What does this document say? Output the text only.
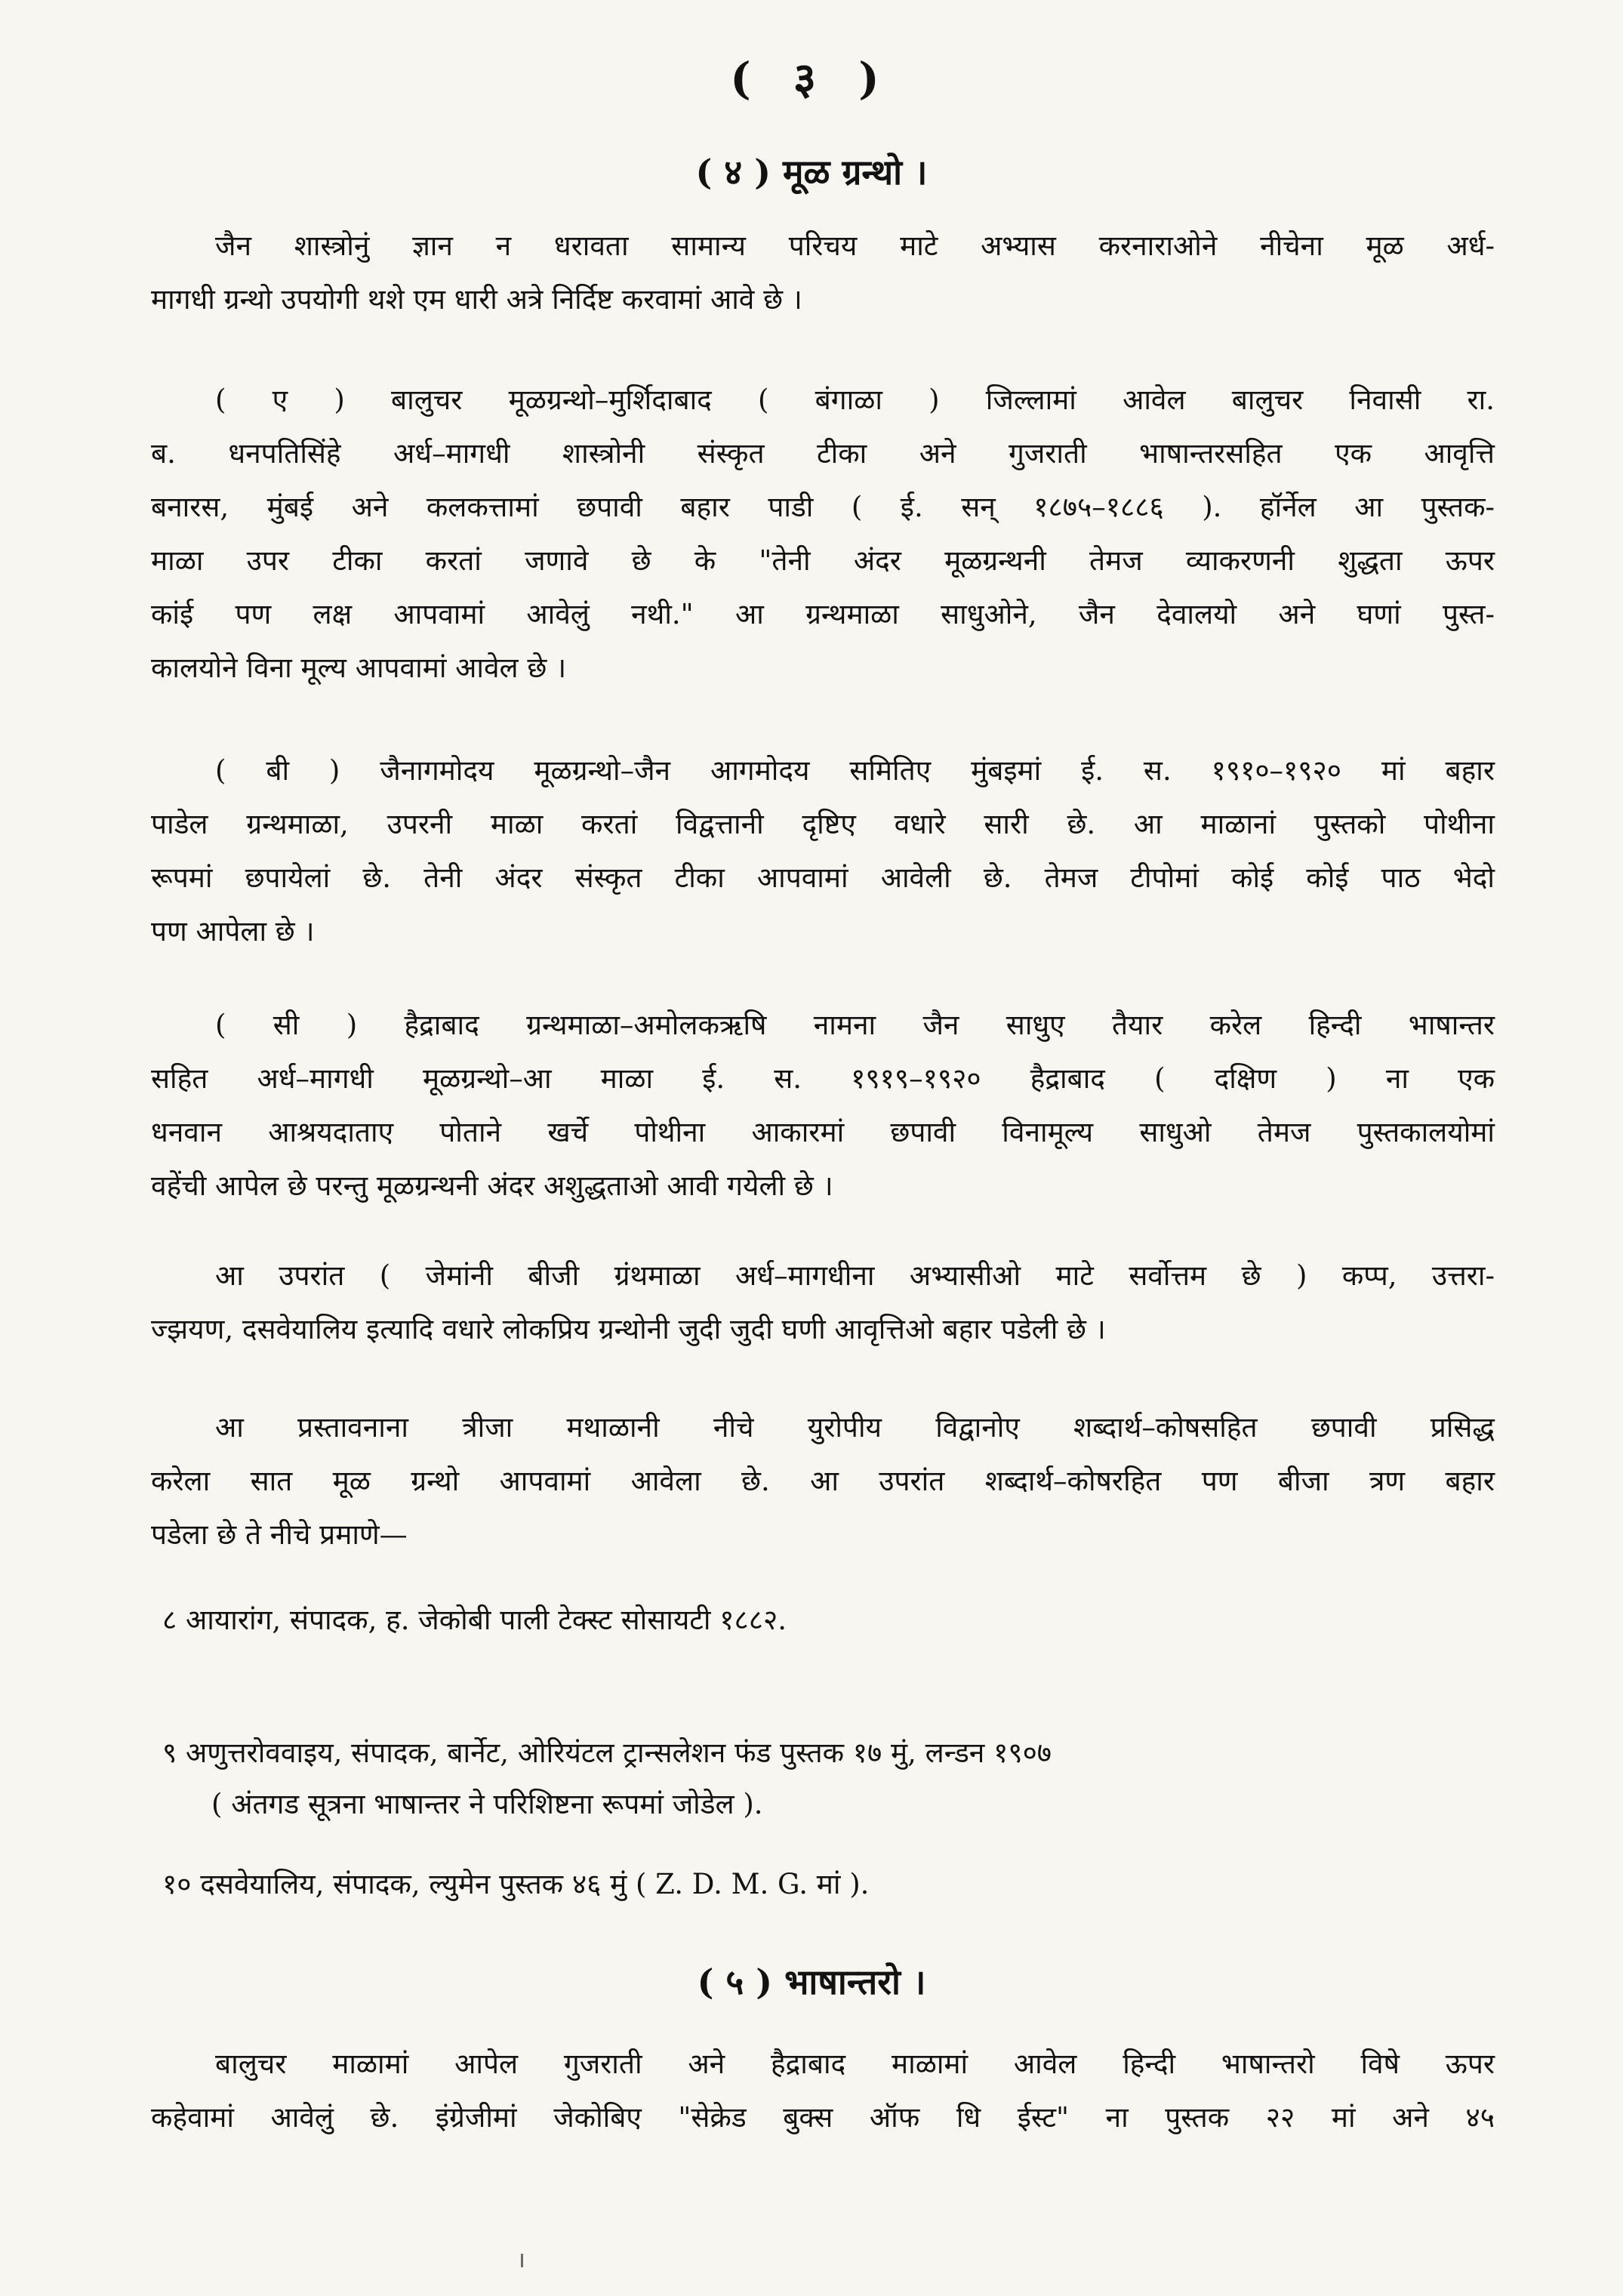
( ३ )
( ४ ) मूळ ग्रन्थो ।
जैन शास्त्रोनुं ज्ञान न धरावता सामान्य परिचय माटे अभ्यास करनाराओने नीचेना मूळ अर्ध-
मागधी ग्रन्थो उपयोगी थशे एम धारी अत्रे निर्दिष्ट करवामां आवे छे ।
( ए ) बालुचर मूळग्रन्थो–मुर्शिदाबाद ( बंगाळा ) जिल्लामां आवेल बालुचर निवासी रा.
ब. धनपतिसिंहे अर्ध–मागधी शास्त्रोनी संस्कृत टीका अने गुजराती भाषान्तरसहित एक आवृत्ति
बनारस, मुंबई अने कलकत्तामां छपावी बहार पाडी ( ई. सन् १८७५–१८८६ ). हॉर्नेल आ पुस्तक-
माळा उपर टीका करतां जणावे छे के "तेनी अंदर मूळग्रन्थनी तेमज व्याकरणनी शुद्धता ऊपर
कांई पण लक्ष आपवामां आवेलुं नथी." आ ग्रन्थमाळा साधुओने, जैन देवालयो अने घणां पुस्त-
कालयोने विना मूल्य आपवामां आवेल छे ।
( बी ) जैनागमोदय मूळग्रन्थो–जैन आगमोदय समितिए मुंबइमां ई. स. १९१०–१९२० मां बहार
पाडेल ग्रन्थमाळा, उपरनी माळा करतां विद्वत्तानी दृष्टिए वधारे सारी छे. आ माळानां पुस्तको पोथीना
रूपमां छपायेलां छे. तेनी अंदर संस्कृत टीका आपवामां आवेली छे. तेमज टीपोमां कोई कोई पाठ भेदो
पण आपेला छे ।
( सी ) हैद्राबाद ग्रन्थमाळा–अमोलकऋषि नामना जैन साधुए तैयार करेल हिन्दी भाषान्तर
सहित अर्ध–मागधी मूळग्रन्थो–आ माळा ई. स. १९१९–१९२० हैद्राबाद ( दक्षिण ) ना एक
धनवान आश्रयदाताए पोताने खर्चे पोथीना आकारमां छपावी विनामूल्य साधुओ तेमज पुस्तकालयोमां
वहेंची आपेल छे परन्तु मूळग्रन्थनी अंदर अशुद्धताओ आवी गयेली छे ।
आ उपरांत ( जेमांनी बीजी ग्रंथमाळा अर्ध–मागधीना अभ्यासीओ माटे सर्वोत्तम छे ) कप्प, उत्तरा-
ज्झयण, दसवेयालिय इत्यादि वधारे लोकप्रिय ग्रन्थोनी जुदी जुदी घणी आवृत्तिओ बहार पडेली छे ।
आ प्रस्तावनाना त्रीजा मथाळानी नीचे युरोपीय विद्वानोए शब्दार्थ–कोषसहित छपावी प्रसिद्ध
करेला सात मूळ ग्रन्थो आपवामां आवेला छे. आ उपरांत शब्दार्थ–कोषरहित पण बीजा त्रण बहार
पडेला छे ते नीचे प्रमाणे—
८ आयारांग, संपादक, ह. जेकोबी पाली टेक्स्ट सोसायटी १८८२.
९ अणुत्तरोववाइय, संपादक, बार्नेट, ओरियंटल ट्रान्सलेशन फंड पुस्तक १७ मुं, लन्डन १९०७
( अंतगड सूत्रना भाषान्तर ने परिशिष्टना रूपमां जोडेल ).
१० दसवेयालिय, संपादक, ल्युमेन पुस्तक ४६ मुं ( Z. D. M. G. मां ).
( ५ ) भाषान्तरो ।
बालुचर माळामां आपेल गुजराती अने हैद्राबाद माळामां आवेल हिन्दी भाषान्तरो विषे ऊपर
कहेवामां आवेलुं छे. इंग्रेजीमां जेकोबिए "सेक्रेड बुक्स ऑफ धि ईस्ट" ना पुस्तक २२ मां अने ४५
